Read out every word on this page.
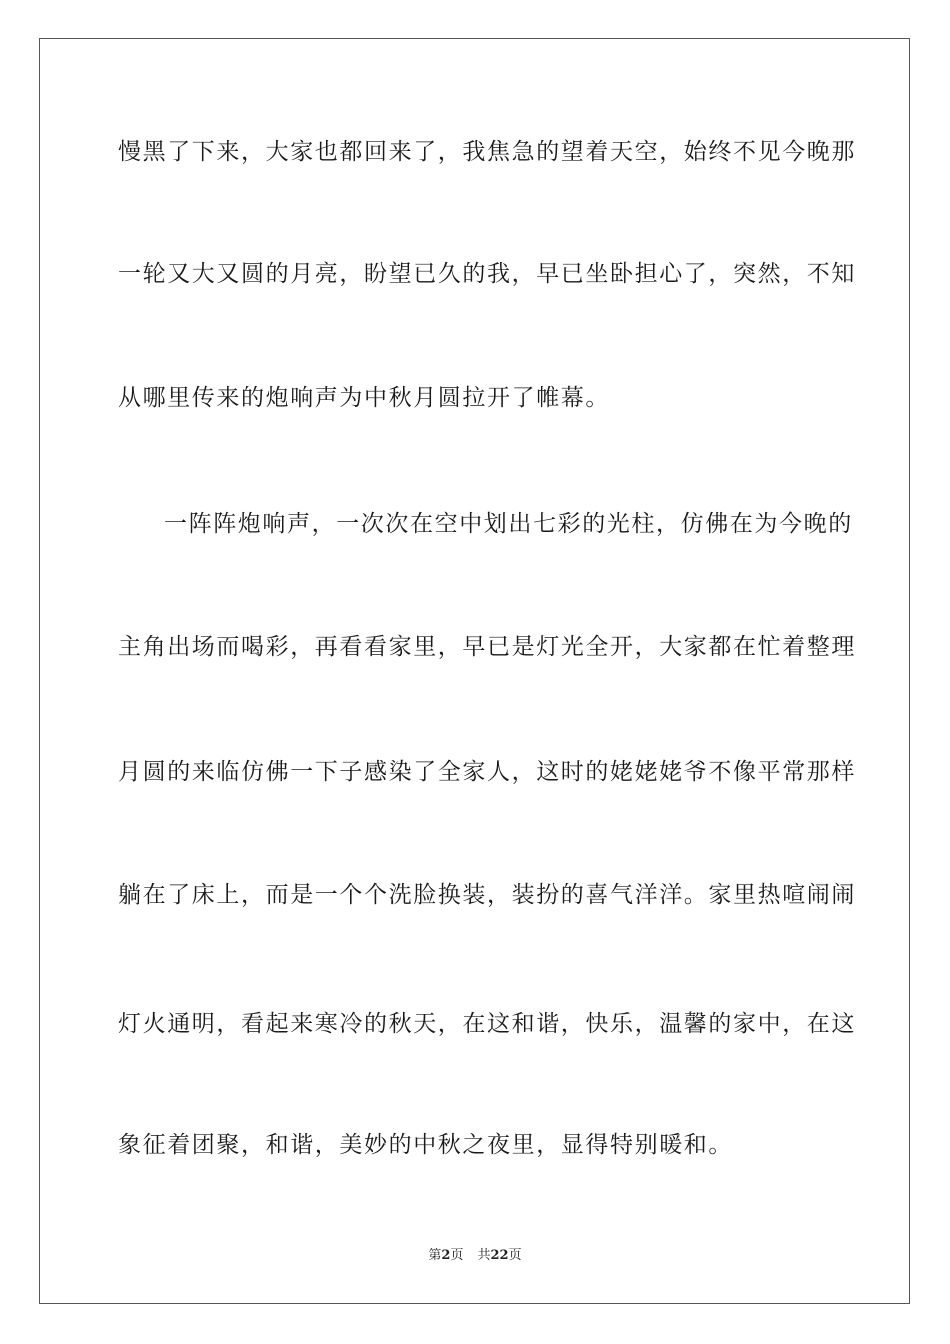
慢黑了下来，大家也都回来了，我焦急的望着天空，始终不见今晚那
一轮又大又圆的月亮，盼望已久的我，早已坐卧担心了，突然，不知
从哪里传来的炮响声为中秋月圆拉开了帷幕。
一阵阵炮响声，一次次在空中划出七彩的光柱，仿佛在为今晚的
主角出场而喝彩，再看看家里，早已是灯光全开，大家都在忙着整理
月圆的来临仿佛一下子感染了全家人，这时的姥姥姥爷不像平常那样
躺在了床上，而是一个个洗脸换装，装扮的喜气洋洋。家里热喧闹闹
灯火通明，看起来寒冷的秋天，在这和谐，快乐，温馨的家中，在这
象征着团聚，和谐，美妙的中秋之夜里，显得特别暖和。
第2页 共22页
